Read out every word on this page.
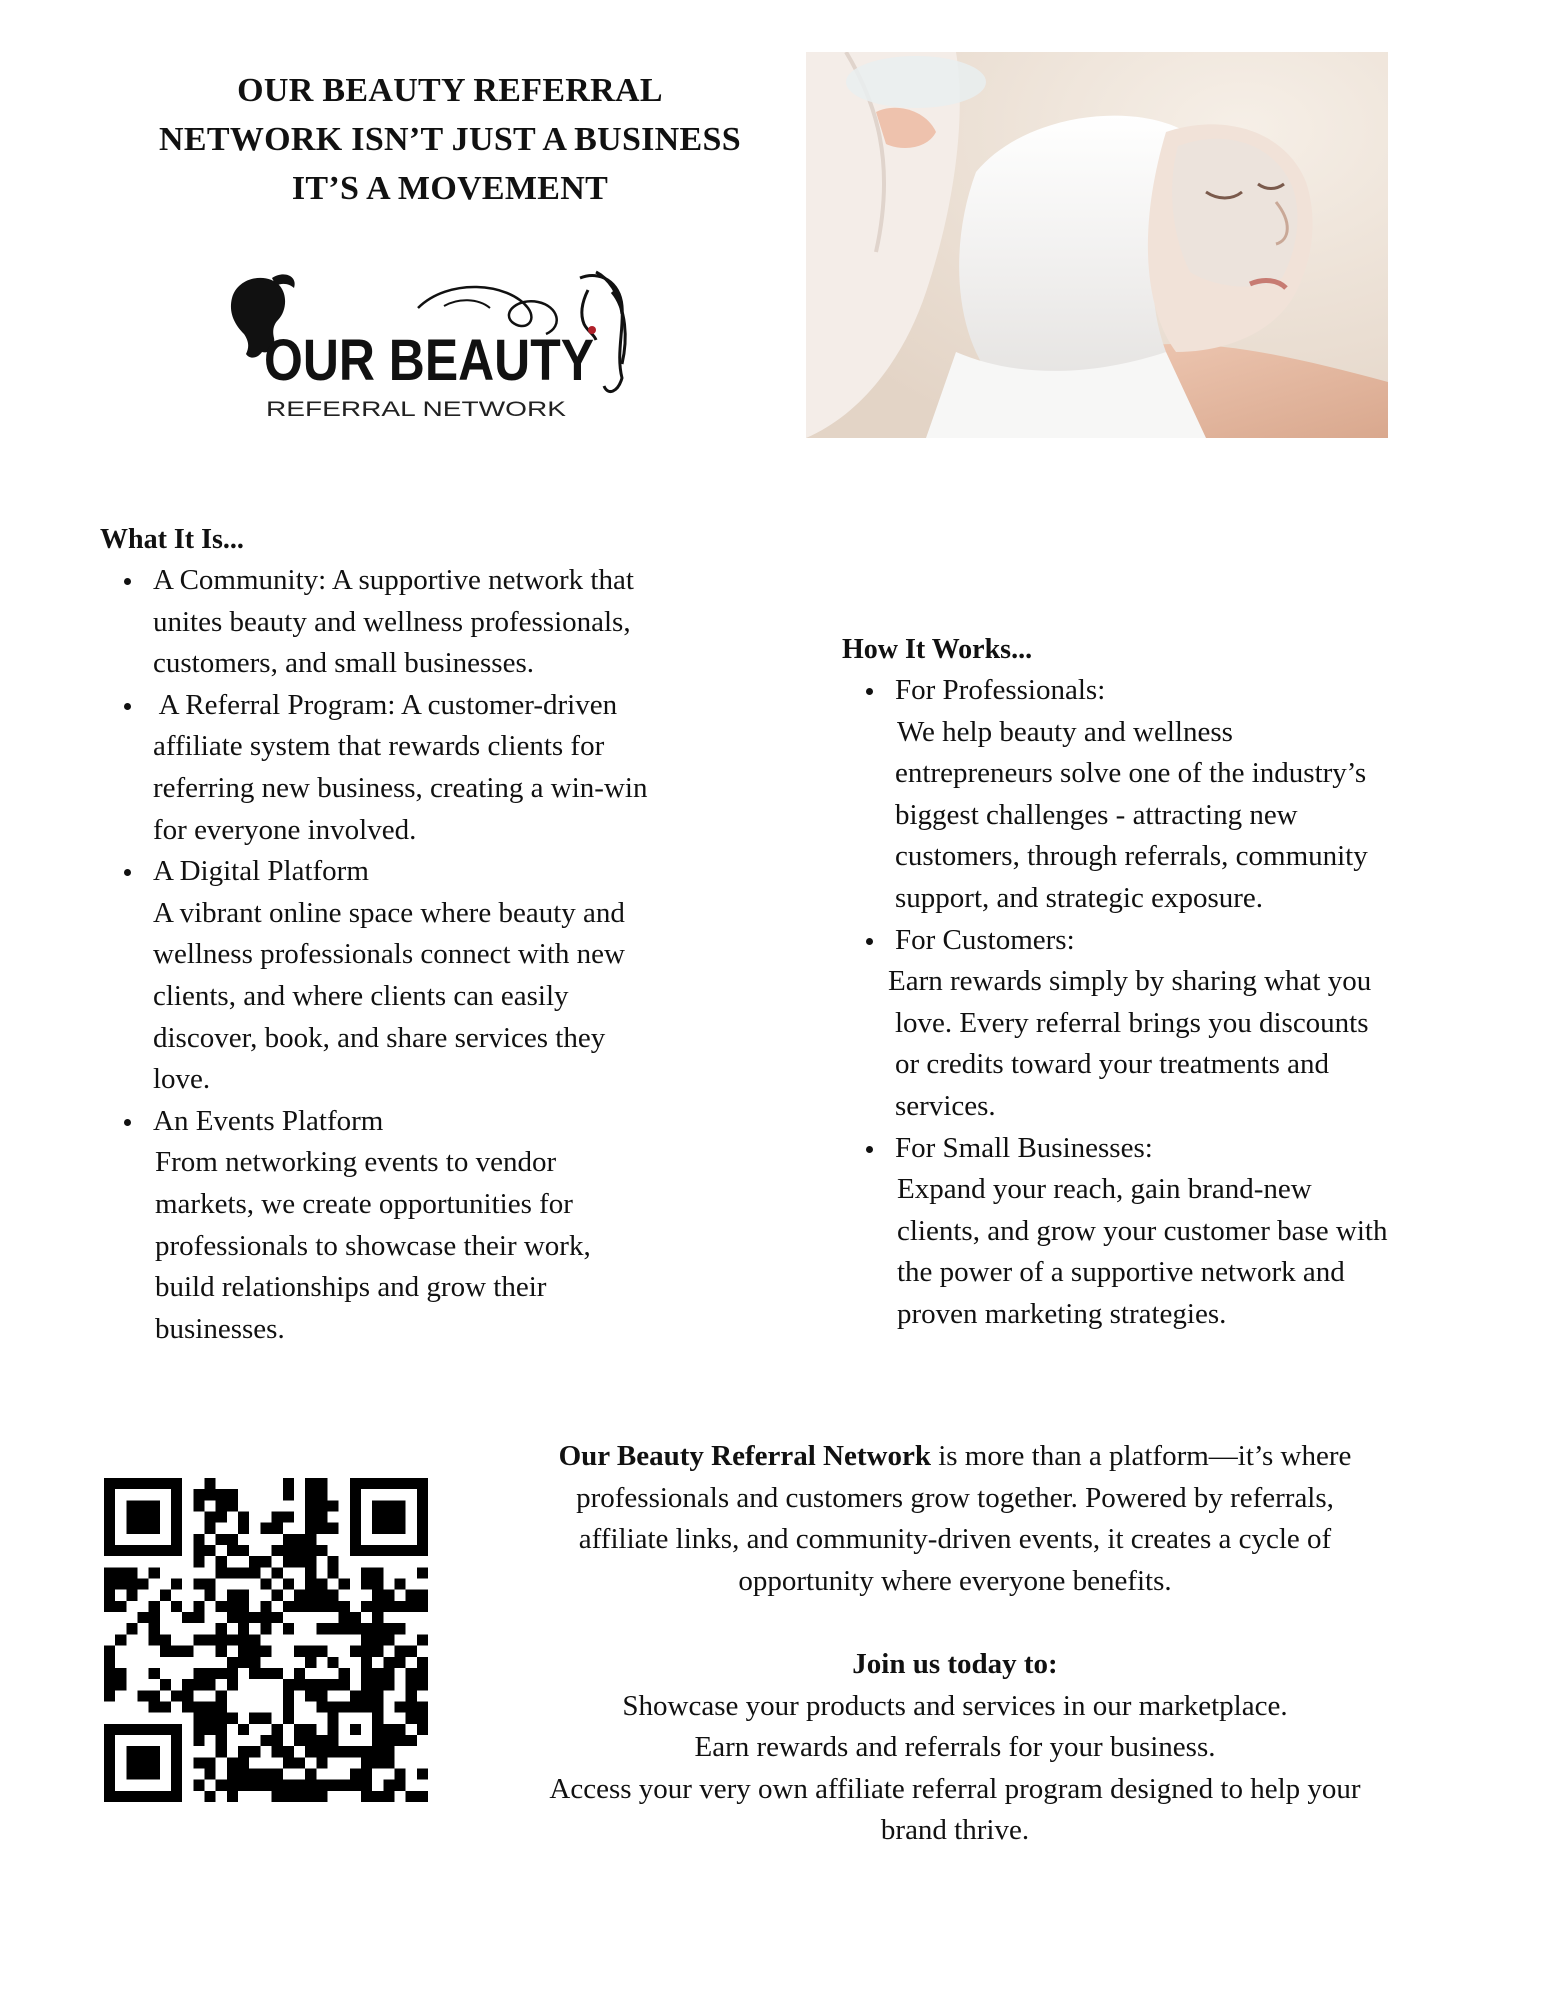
OUR BEAUTY REFERRAL
NETWORK ISN’T JUST A BUSINESS
IT’S A MOVEMENT
OUR BEAUTY
REFERRAL NETWORK
What It Is...
A Community: A supportive network that
unites beauty and wellness professionals,
customers, and small businesses.
A Referral Program: A customer-driven
affiliate system that rewards clients for
referring new business, creating a win-win
for everyone involved.
A Digital Platform
A vibrant online space where beauty and
wellness professionals connect with new
clients, and where clients can easily
discover, book, and share services they
love.
An Events Platform
From networking events to vendor
markets, we create opportunities for
professionals to showcase their work,
build relationships and grow their
businesses.
How It Works...
For Professionals:
We help beauty and wellness
entrepreneurs solve one of the industry’s
biggest challenges - attracting new
customers, through referrals, community
support, and strategic exposure.
For Customers:
Earn rewards simply by sharing what you
love. Every referral brings you discounts
or credits toward your treatments and
services.
For Small Businesses:
Expand your reach, gain brand-new
clients, and grow your customer base with
the power of a supportive network and
proven marketing strategies.
Our Beauty Referral Network is more than a platform—it’s where
professionals and customers grow together. Powered by referrals,
affiliate links, and community-driven events, it creates a cycle of
opportunity where everyone benefits.
Join us today to:
Showcase your products and services in our marketplace.
Earn rewards and referrals for your business.
Access your very own affiliate referral program designed to help your
brand thrive.
